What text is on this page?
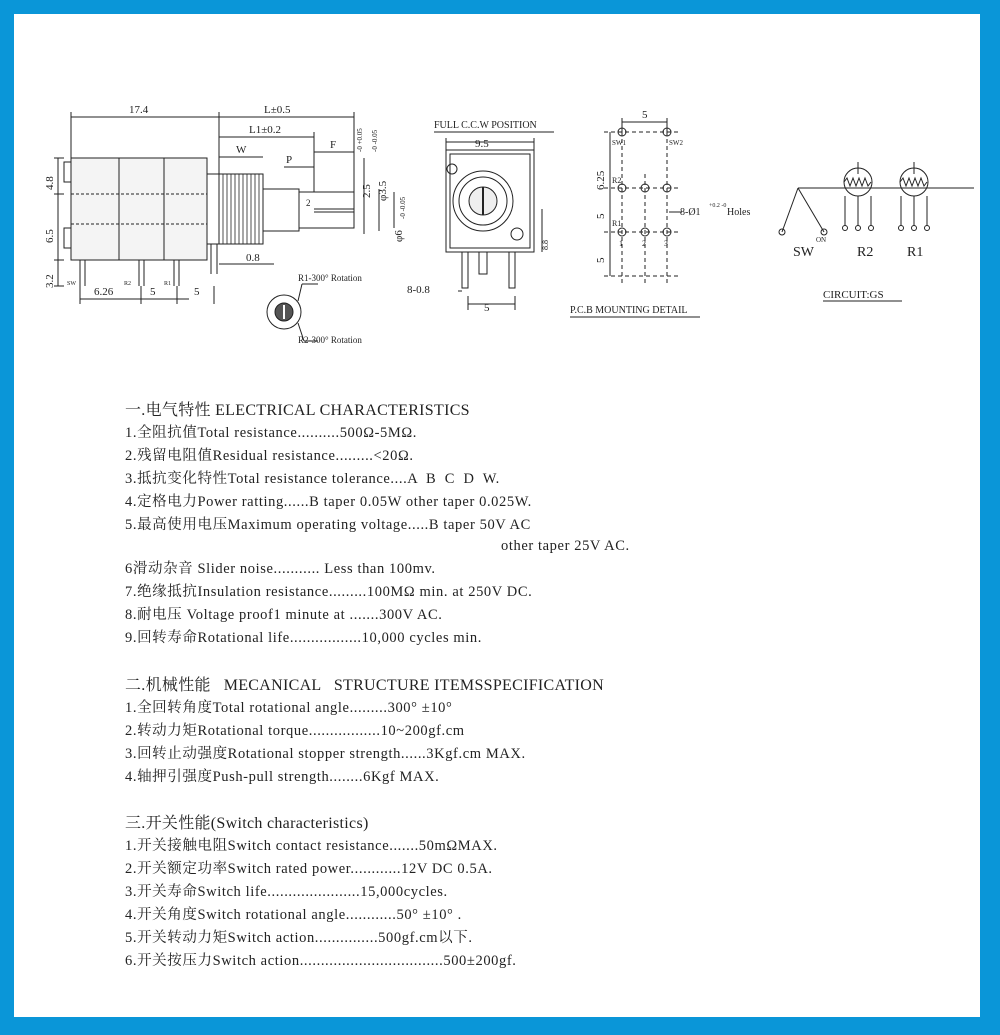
17.4	L±0.5
L1±0.2
W
P
F
2
2.5
-0 +0.05
φ3.5
-0 -0.05
φ6
-0 -0.05
4.8
6.5
3.2
0.8
6.26	5	5
SW	R2	R1
R1-300° Rotation
R2-300° Rotation
FULL C.C.W POSITION
9.5
8.8
8-0.8
5
5
6.25
5
5
SW1	SW2
R2
R1
1 2 3
8-Ø1
+0.2 -0
Holes
P.C.B MOUNTING DETAIL
SW
ON
R2 R1
CIRCUIT:GS
一.电气特性 ELECTRICAL CHARACTERISTICS
1.全阻抗值Total resistance..........500Ω-5MΩ.
2.残留电阻值Residual resistance.........<20Ω.
3.抵抗变化特性Total resistance tolerance....A  B  C  D  W.
4.定格电力Power ratting......B taper 0.05W other taper 0.025W.
5.最高使用电压Maximum operating voltage.....B taper 50V AC
other taper 25V AC.
6滑动杂音 Slider noise........... Less than 100mv.
7.绝缘抵抗Insulation resistance.........100MΩ min. at 250V DC.
8.耐电压 Voltage proof1 minute at .......300V AC.
9.回转寿命Rotational life.................10,000 cycles min.
二.机械性能   MECANICAL   STRUCTURE ITEMSSPECIFICATION
1.全回转角度Total rotational angle.........300° ±10°
2.转动力矩Rotational torque.................10~200gf.cm
3.回转止动强度Rotational stopper strength......3Kgf.cm MAX.
4.轴押引强度Push-pull strength........6Kgf MAX.
三.开关性能(Switch characteristics)
1.开关接触电阻Switch contact resistance.......50mΩMAX.
2.开关额定功率Switch rated power............12V DC 0.5A.
3.开关寿命Switch life......................15,000cycles.
4.开关角度Switch rotational angle............50° ±10° .
5.开关转动力矩Switch action...............500gf.cm以下.
6.开关按压力Switch action..................................500±200gf.
